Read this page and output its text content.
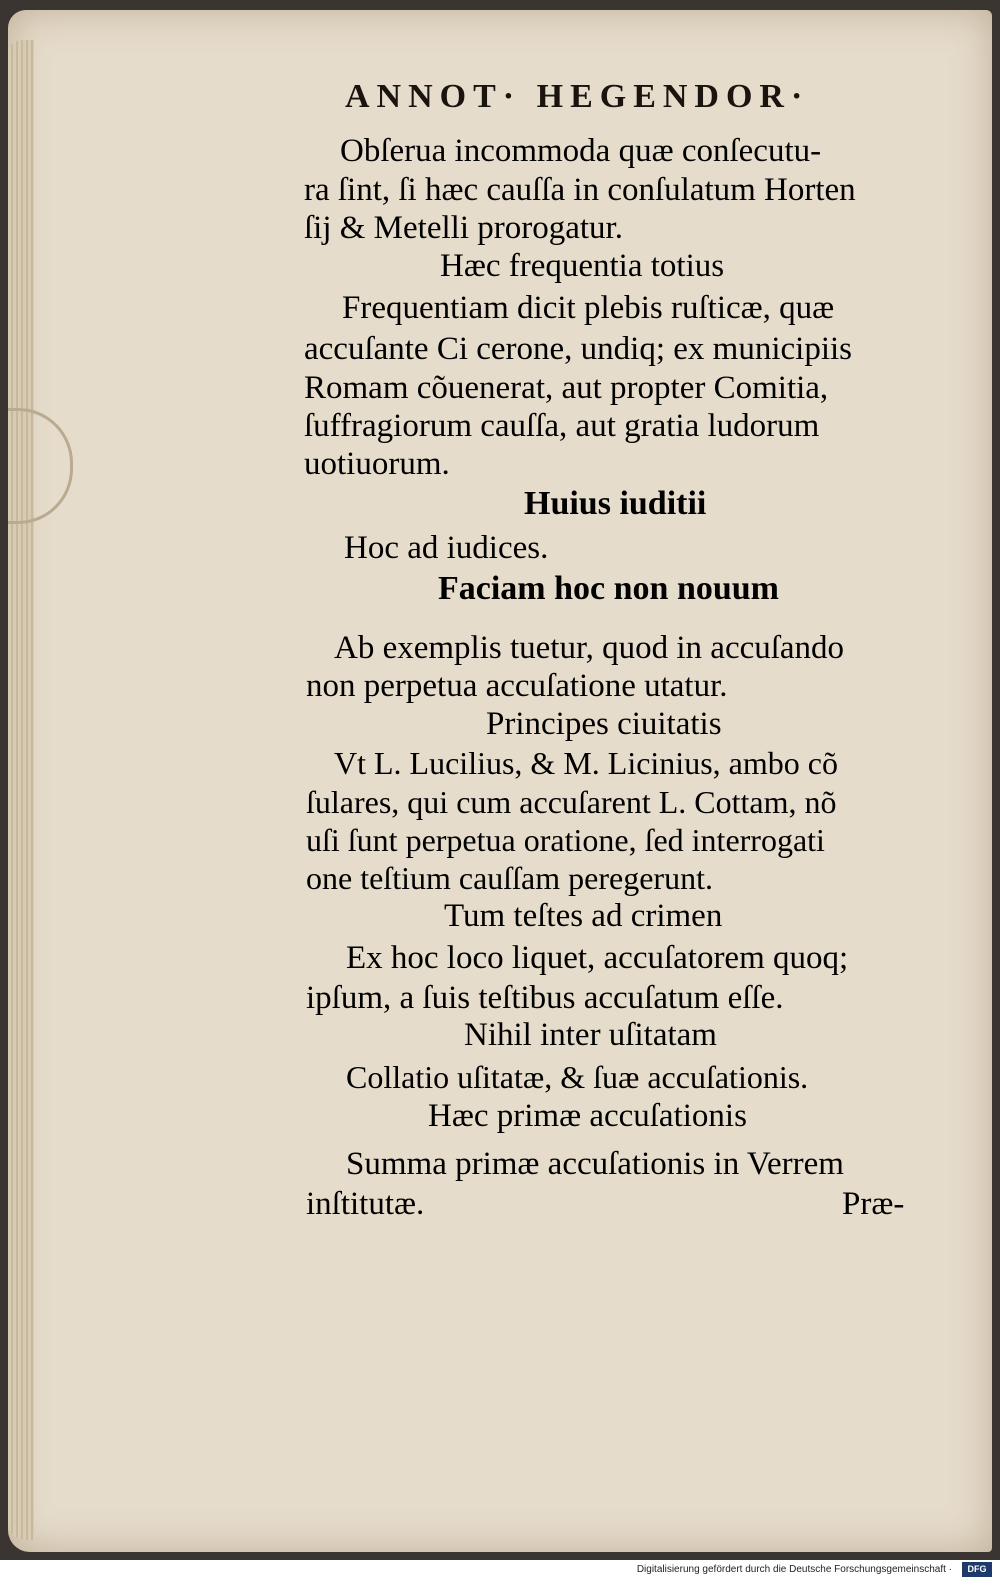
ANNOT· HEGENDOR·
Obſerua incommoda quæ conſecutu-
ra ſint, ſi hæc cauſſa in conſulatum Horten
ſij & Metelli prorogatur.
Hæc frequentia totius
Frequentiam dicit plebis ruſticæ, quæ
accuſante Ci cerone, undiq; ex municipiis
Romam cõuenerat, aut propter Comitia,
ſuffragiorum cauſſa, aut gratia ludorum
uotiuorum.
Huius iuditii
Hoc ad iudices.
Faciam hoc non nouum
Ab exemplis tuetur, quod in accuſando
non perpetua accuſatione utatur.
Principes ciuitatis
Vt L. Lucilius, & M. Licinius, ambo cõ
ſulares, qui cum accuſarent L. Cottam, nõ
uſi ſunt perpetua oratione, ſed interrogati
one teſtium cauſſam peregerunt.
Tum teſtes ad crimen
Ex hoc loco liquet, accuſatorem quoq;
ipſum, a ſuis teſtibus accuſatum eſſe.
Nihil inter uſitatam
Collatio uſitatæ, & ſuæ accuſationis.
Hæc primæ accuſationis
Summa primæ accuſationis in Verrem
inſtitutæ.	Præ-
Digitalisierung gefördert durch die Deutsche Forschungsgemeinschaft ·	DFG
